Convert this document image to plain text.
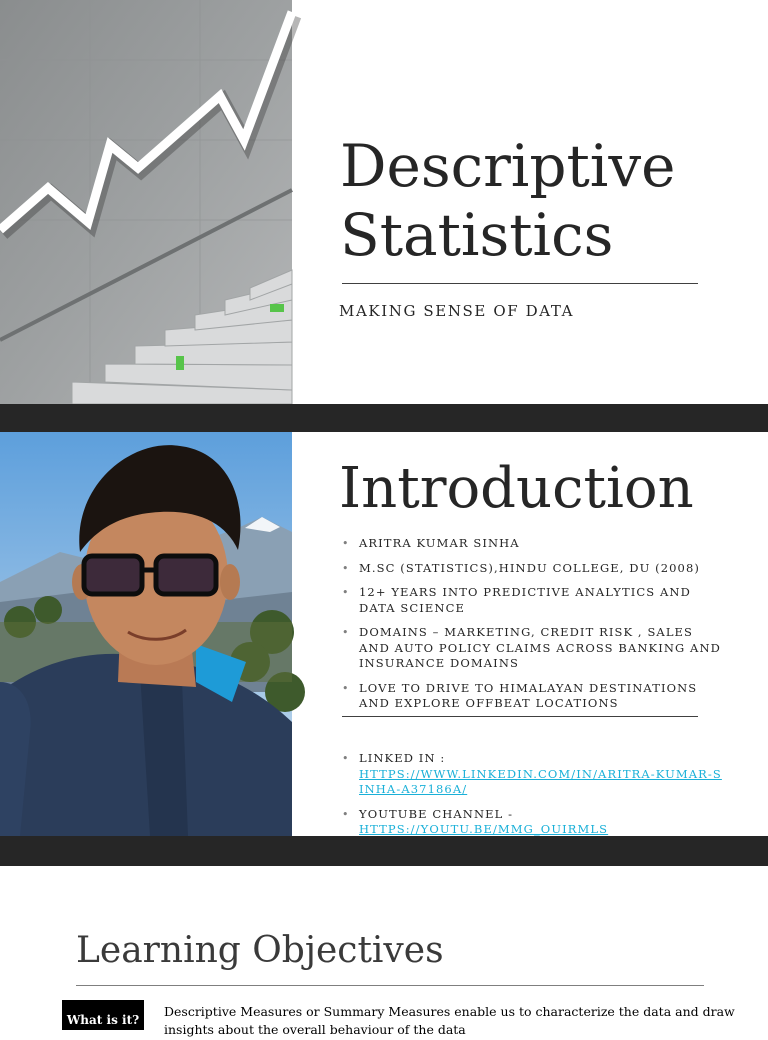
Descriptive
Statistics
MAKING SENSE OF DATA
Introduction
• ARITRA KUMAR SINHA
• M.SC (STATISTICS),HINDU COLLEGE, DU (2008)
• 12+ YEARS INTO PREDICTIVE ANALYTICS AND DATA SCIENCE
• DOMAINS – MARKETING, CREDIT RISK , SALES AND AUTO POLICY CLAIMS ACROSS BANKING AND INSURANCE DOMAINS
• LOVE TO DRIVE TO HIMALAYAN DESTINATIONS AND EXPLORE OFFBEAT LOCATIONS
• LINKED IN :
HTTPS://WWW.LINKEDIN.COM/IN/ARITRA-KUMAR-SINHA-A37186A/
• YOUTUBE CHANNEL -
HTTPS://YOUTU.BE/MMG_OUIRMLS
Learning Objectives
What is it?
Descriptive Measures or Summary Measures enable us to characterize the data and draw insights about the overall behaviour of the data
